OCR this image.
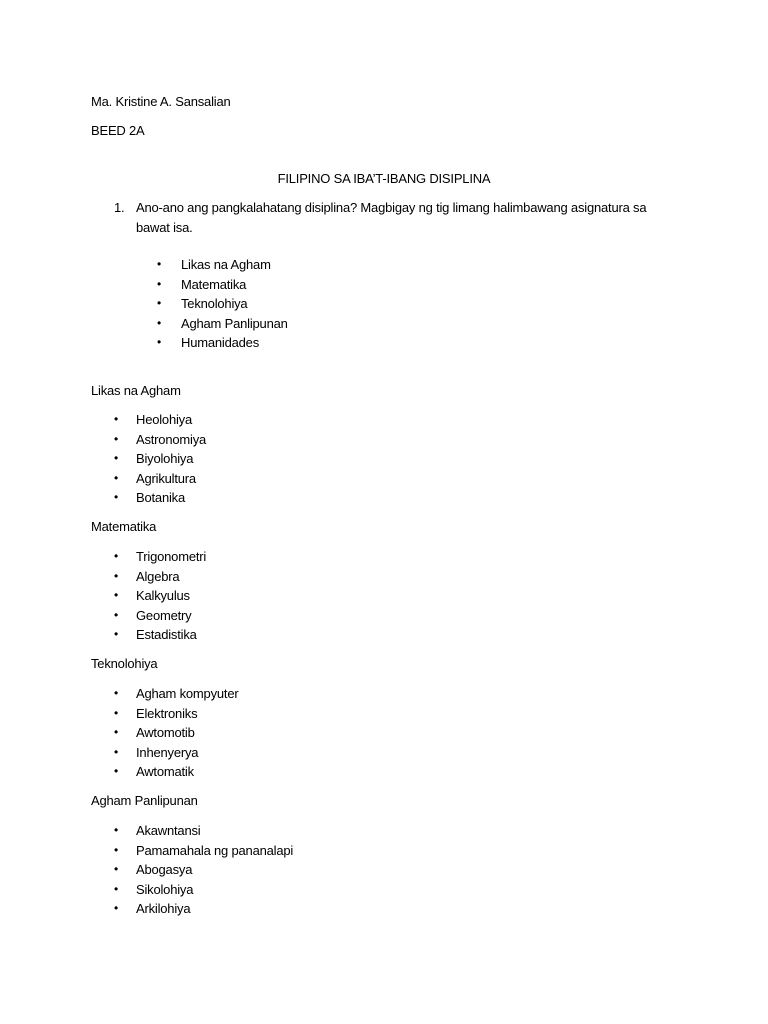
Ma. Kristine A. Sansalian
BEED 2A
FILIPINO SA IBA’T-IBANG DISIPLINA
1. Ano-ano ang pangkalahatang disiplina? Magbigay ng tig limang halimbawang asignatura sa bawat isa.
• Likas na Agham
• Matematika
• Teknolohiya
• Agham Panlipunan
• Humanidades
Likas na Agham
• Heolohiya
• Astronomiya
• Biyolohiya
• Agrikultura
• Botanika
Matematika
• Trigonometri
• Algebra
• Kalkyulus
• Geometry
• Estadistika
Teknolohiya
• Agham kompyuter
• Elektroniks
• Awtomotib
• Inhenyerya
• Awtomatik
Agham Panlipunan
• Akawntansi
• Pamamahala ng pananalapi
• Abogasya
• Sikolohiya
• Arkilohiya
